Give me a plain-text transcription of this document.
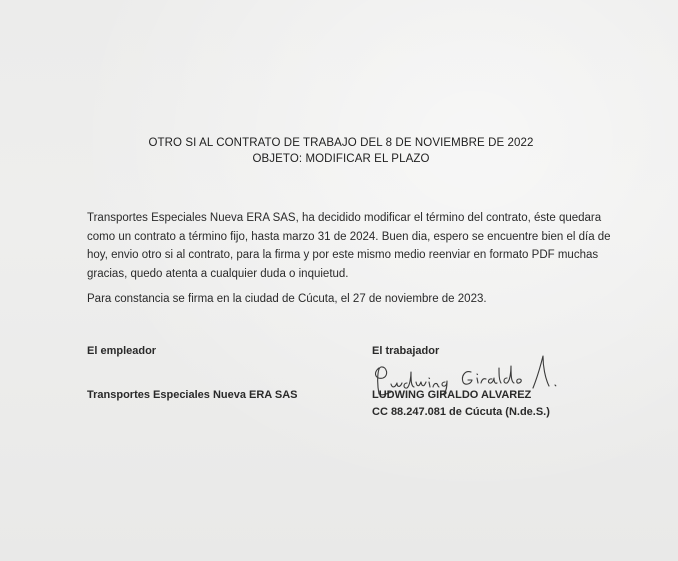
OTRO SI AL CONTRATO DE TRABAJO DEL 8 DE NOVIEMBRE DE 2022
OBJETO: MODIFICAR EL PLAZO

Transportes Especiales Nueva ERA SAS, ha decidido modificar el término del contrato, éste quedara como un contrato a término fijo, hasta marzo 31 de 2024. Buen dia, espero se encuentre bien el día de hoy, envio otro si al contrato, para la firma y por este mismo medio reenviar en formato PDF muchas gracias, quedo atenta a cualquier duda o inquietud.

Para constancia se firma en la ciudad de Cúcuta, el 27 de noviembre de 2023.

El empleador	El trabajador
Transportes Especiales Nueva ERA SAS	LUDWING GIRALDO ALVAREZ
CC 88.247.081 de Cúcuta (N.de.S.)
